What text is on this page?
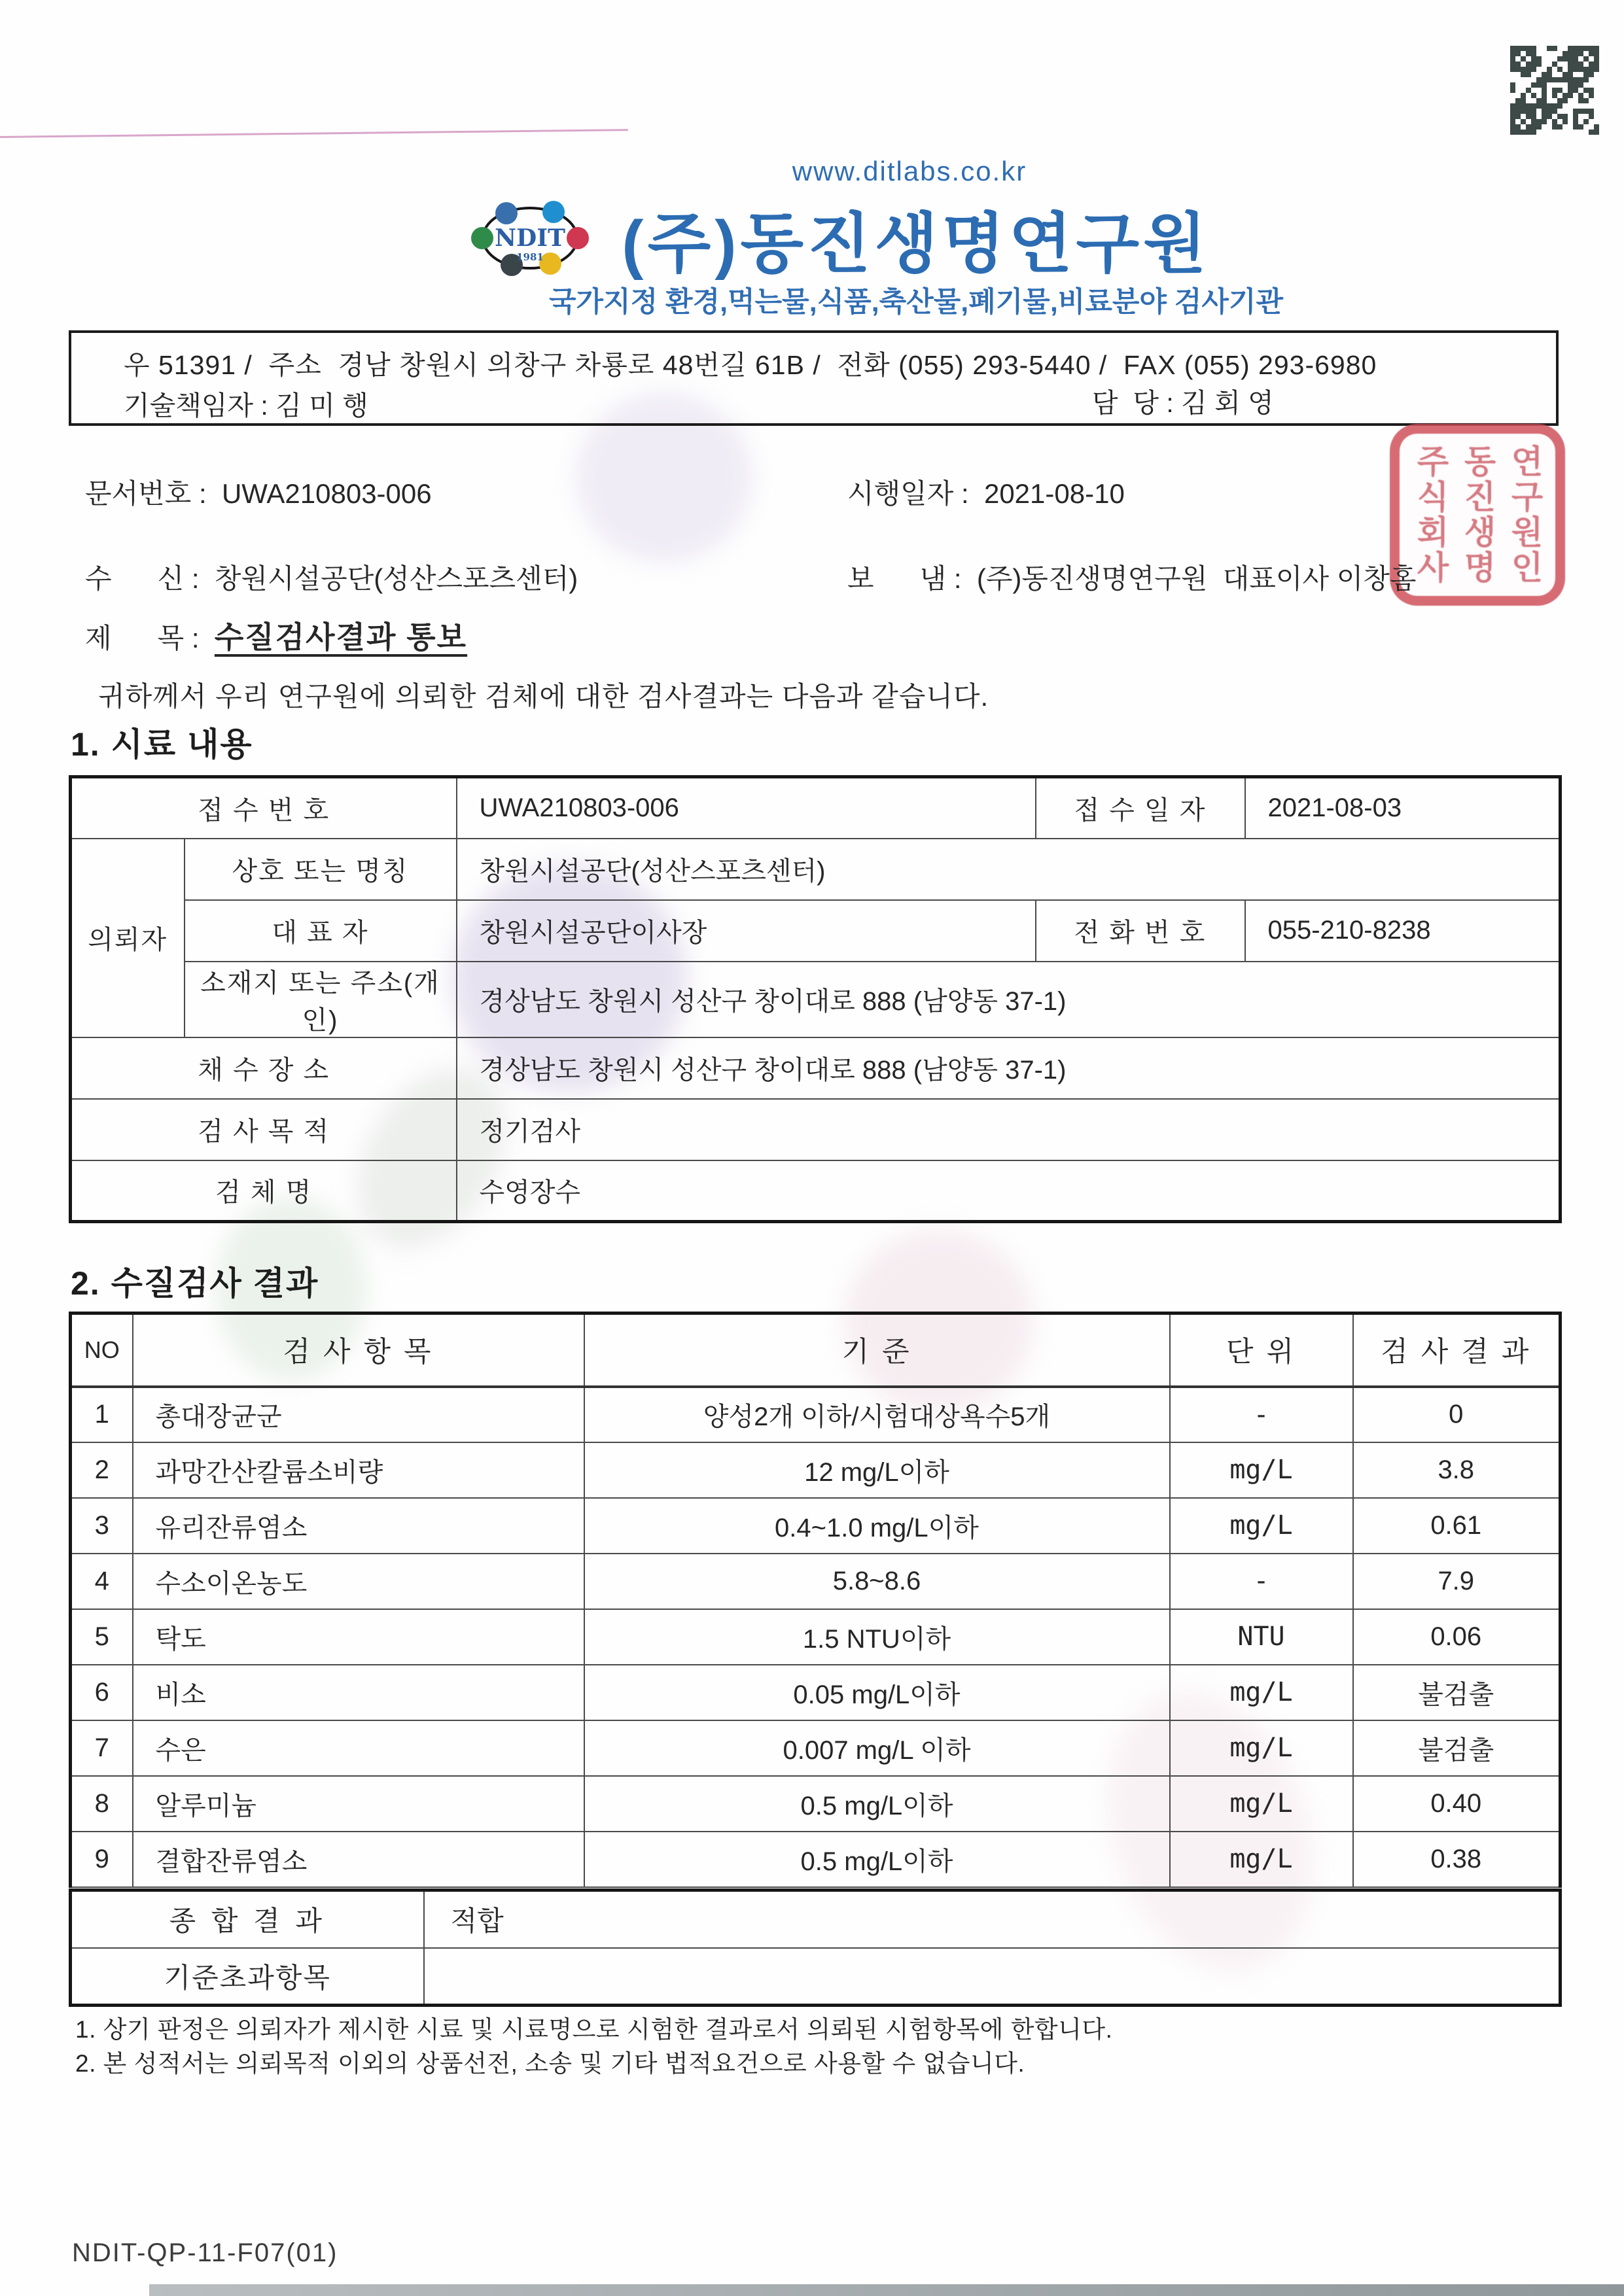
www.ditlabs.co.kr
NDIT
1981 (주)동진생명연구원
국가지정 환경,먹는물,식품,축산물,폐기물,비료분야 검사기관
우 51391 /  주소  경남 창원시 의창구 차룡로 48번길 61B /  전화 (055) 293-5440 /  FAX (055) 293-6980
기술책임자 : 김 미 행	담  당 : 김 회 영
문서번호 :  UWA210803-006	시행일자 :  2021-08-10
수      신 :  창원시설공단(성산스포츠센터)	보      냄 :  (주)동진생명연구원  대표이사 이창홈
제      목 :  수질검사결과 통보
주식회사 동진생명 연구원인
귀하께서 우리 연구원에 의뢰한 검체에 대한 검사결과는 다음과 같습니다.
1. 시료 내용
접 수 번 호		UWA210803-006	접 수 일 자	2021-08-03
의뢰자	상호 또는 명칭	창원시설공단(성산스포츠센터)		
	대 표 자	창원시설공단이사장	전 화 번 호	055-210-8238
	소재지 또는 주소(개인)	경상남도 창원시 성산구 창이대로 888 (남양동 37-1)		
채 수 장 소		경상남도 창원시 성산구 창이대로 888 (남양동 37-1)		
검 사 목 적		정기검사		
검 체 명		수영장수		
2. 수질검사 결과
NO	검 사 항 목	기 준	단 위	검 사 결 과
1	총대장균군	양성2개 이하/시험대상욕수5개	-	0
2	과망간산칼륨소비량	12 mg/L이하	mg/L	3.8
3	유리잔류염소	0.4~1.0 mg/L이하	mg/L	0.61
4	수소이온농도	5.8~8.6	-	7.9
5	탁도	1.5 NTU이하	NTU	0.06
6	비소	0.05 mg/L이하	mg/L	불검출
7	수은	0.007 mg/L 이하	mg/L	불검출
8	알루미늄	0.5 mg/L이하	mg/L	0.40
9	결합잔류염소	0.5 mg/L이하	mg/L	0.38
종 합 결 과	적합
기준초과항목	
1. 상기 판정은 의뢰자가 제시한 시료 및 시료명으로 시험한 결과로서 의뢰된 시험항목에 한합니다.
2. 본 성적서는 의뢰목적 이외의 상품선전, 소송 및 기타 법적요건으로 사용할 수 없습니다.
NDIT-QP-11-F07(01)
